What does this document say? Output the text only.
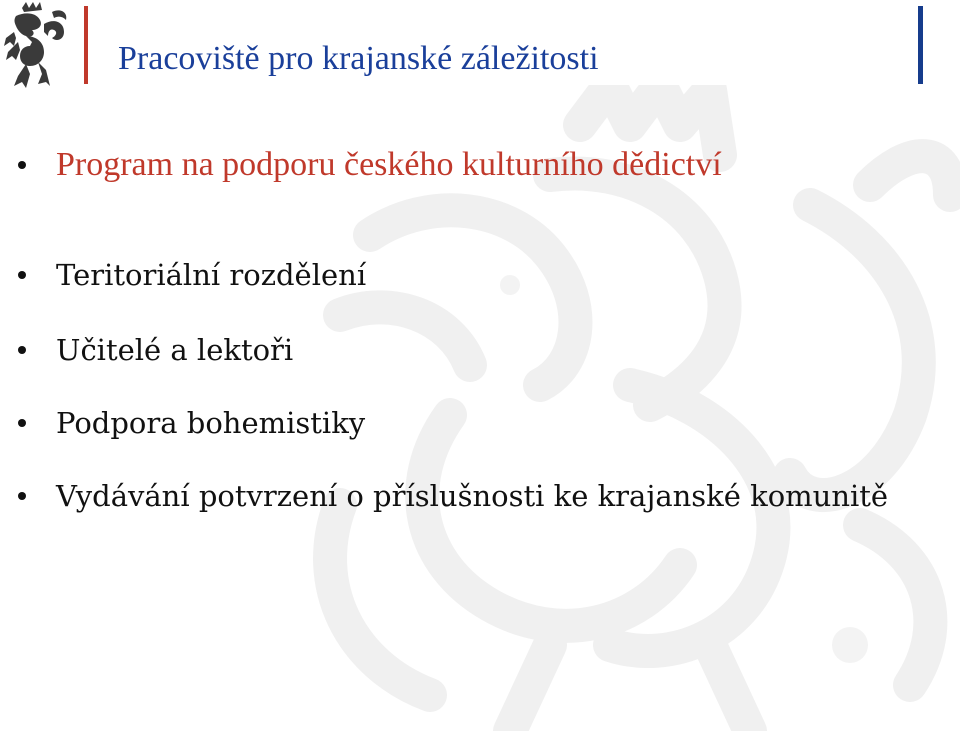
Pracoviště pro krajanské záležitosti
Program na podporu českého kulturního dědictví
Teritoriální rozdělení
Učitelé a lektoři
Podpora bohemistiky
Vydávání potvrzení o příslušnosti ke krajanské komunitě
